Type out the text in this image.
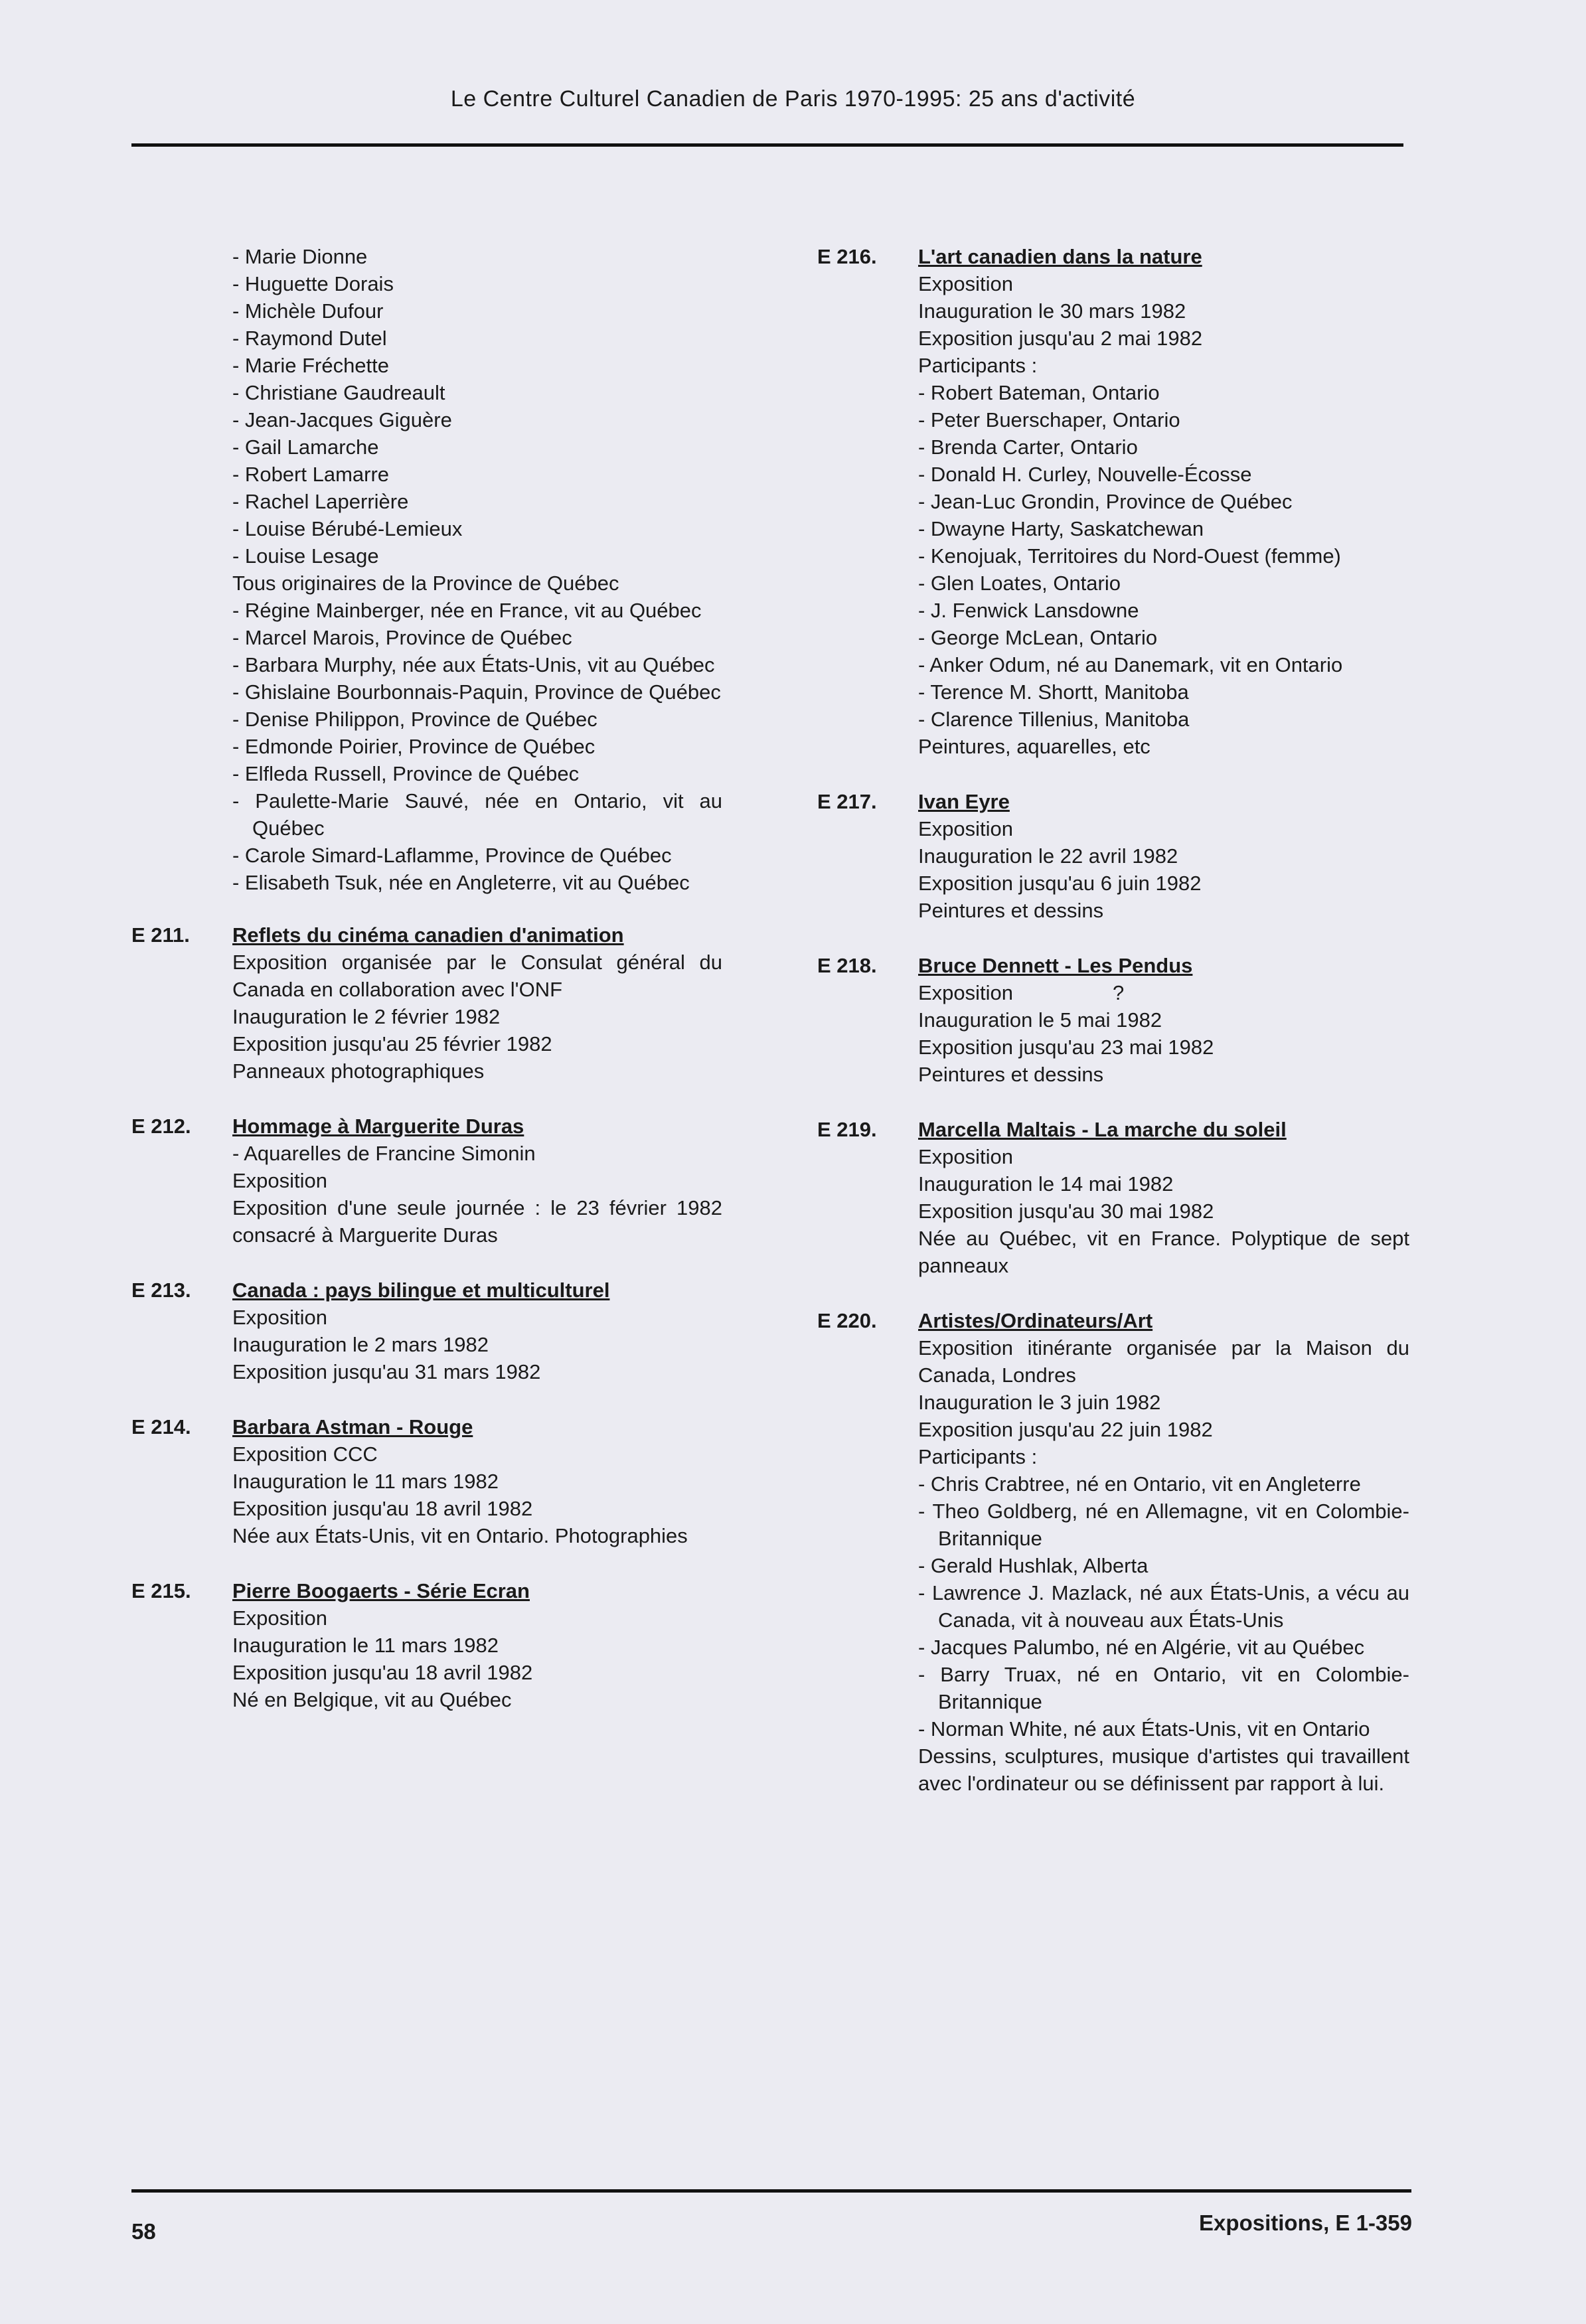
Le Centre Culturel Canadien de Paris 1970-1995: 25 ans d'activité
- Marie Dionne
- Huguette Dorais
- Michèle Dufour
- Raymond Dutel
- Marie Fréchette
- Christiane Gaudreault
- Jean-Jacques Giguère
- Gail Lamarche
- Robert Lamarre
- Rachel Laperrière
- Louise Bérubé-Lemieux
- Louise Lesage
Tous originaires de la Province de Québec
- Régine Mainberger, née en France, vit au Québec
- Marcel Marois, Province de Québec
- Barbara Murphy, née aux États-Unis, vit au Québec
- Ghislaine Bourbonnais-Paquin, Province de Québec
- Denise Philippon, Province de Québec
- Edmonde Poirier, Province de Québec
- Elfleda Russell, Province de Québec
- Paulette-Marie Sauvé, née en Ontario, vit au Québec
- Carole Simard-Laflamme, Province de Québec
- Elisabeth Tsuk, née en Angleterre, vit au Québec
E 211. Reflets du cinéma canadien d'animation
Exposition organisée par le Consulat général du Canada en collaboration avec l'ONF
Inauguration le 2 février 1982
Exposition jusqu'au 25 février 1982
Panneaux photographiques
E 212. Hommage à Marguerite Duras
- Aquarelles de Francine Simonin
Exposition
Exposition d'une seule journée : le 23 février 1982 consacré à Marguerite Duras
E 213. Canada : pays bilingue et multiculturel
Exposition
Inauguration le 2 mars 1982
Exposition jusqu'au 31 mars 1982
E 214. Barbara Astman - Rouge
Exposition CCC
Inauguration le 11 mars 1982
Exposition jusqu'au 18 avril 1982
Née aux États-Unis, vit en Ontario. Photographies
E 215. Pierre Boogaerts - Série Ecran
Exposition
Inauguration le 11 mars 1982
Exposition jusqu'au 18 avril 1982
Né en Belgique, vit au Québec
E 216. L'art canadien dans la nature
Exposition
Inauguration le 30 mars 1982
Exposition jusqu'au 2 mai 1982
Participants :
- Robert Bateman, Ontario
- Peter Buerschaper, Ontario
- Brenda Carter, Ontario
- Donald H. Curley, Nouvelle-Écosse
- Jean-Luc Grondin, Province de Québec
- Dwayne Harty, Saskatchewan
- Kenojuak, Territoires du Nord-Ouest (femme)
- Glen Loates, Ontario
- J. Fenwick Lansdowne
- George McLean, Ontario
- Anker Odum, né au Danemark, vit en Ontario
- Terence M. Shortt, Manitoba
- Clarence Tillenius, Manitoba
Peintures, aquarelles, etc
E 217. Ivan Eyre
Exposition
Inauguration le 22 avril 1982
Exposition jusqu'au 6 juin 1982
Peintures et dessins
E 218. Bruce Dennett - Les Pendus
Exposition	?
Inauguration le 5 mai 1982
Exposition jusqu'au 23 mai 1982
Peintures et dessins
E 219. Marcella Maltais - La marche du soleil
Exposition
Inauguration le 14 mai 1982
Exposition jusqu'au 30 mai 1982
Née au Québec, vit en France. Polyptique de sept panneaux
E 220. Artistes/Ordinateurs/Art
Exposition itinérante organisée par la Maison du Canada, Londres
Inauguration le 3 juin 1982
Exposition jusqu'au 22 juin 1982
Participants :
- Chris Crabtree, né en Ontario, vit en Angleterre
- Theo Goldberg, né en Allemagne, vit en Colombie-Britannique
- Gerald Hushlak, Alberta
- Lawrence J. Mazlack, né aux États-Unis, a vécu au Canada, vit à nouveau aux États-Unis
- Jacques Palumbo, né en Algérie, vit au Québec
- Barry Truax, né en Ontario, vit en Colombie-Britannique
- Norman White, né aux États-Unis, vit en Ontario
Dessins, sculptures, musique d'artistes qui travaillent avec l'ordinateur ou se définissent par rapport à lui.
58	Expositions, E 1-359
